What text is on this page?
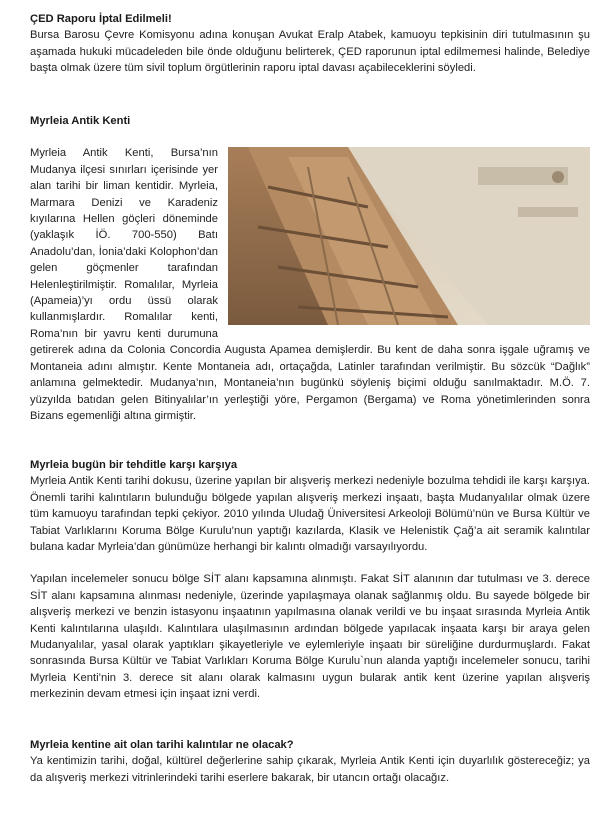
ÇED Raporu İptal Edilmeli!
Bursa Barosu Çevre Komisyonu adına konuşan Avukat Eralp Atabek, kamuoyu tepkisinin diri tutulmasının şu aşamada hukuki mücadeleden bile önde olduğunu belirterek, ÇED raporunun iptal edilmemesi halinde, Belediye başta olmak üzere tüm sivil toplum örgütlerinin raporu iptal davası açabileceklerini söyledi.
Myrleia Antik Kenti
Myrleia Antik Kenti, Bursa’nın Mudanya ilçesi sınırları içerisinde yer alan tarihi bir liman kentidir. Myrleia, Marmara Denizi ve Karadeniz kıyılarına Hellen göçleri döneminde (yaklaşık İÖ. 700-550) Batı Anadolu’dan, İonia’daki Kolophon’dan gelen göçmenler tarafından Helenleştirilmiştir. Romalılar, Myrleia (Apameia)’yı ordu üssü olarak kullanmışlardır. Romalılar kenti, Roma’nın bir yavru kenti durumuna getirerek adına da Colonia Concordia Augusta Apamea demişlerdir. Bu kent de daha sonra işgale uğramış ve Montaneia adını almıştır. Kente Montaneia adı, ortaçağda, Latinler tarafından verilmiştir. Bu sözcük “Dağlık” anlamına gelmektedir. Mudanya’nın, Montaneia’nın bugünkü söyleniş biçimi olduğu sanılmaktadır. M.Ö. 7. yüzyılda batıdan gelen Bitinyalılar’ın yerleştiği yöre, Pergamon (Bergama) ve Roma yönetimlerinden sonra Bizans egemenliği altına girmiştir.
Myrleia bugün bir tehditle karşı karşıya
Myrleia Antik Kenti tarihi dokusu, üzerine yapılan bir alışveriş merkezi nedeniyle bozulma tehdidi ile karşı karşıya. Önemli tarihi kalıntıların bulunduğu bölgede yapılan alışveriş merkezi inşaatı, başta Mudanyalılar olmak üzere tüm kamuoyu tarafından tepki çekiyor. 2010 yılında Uludağ Üniversitesi Arkeoloji Bölümü’nün ve Bursa Kültür ve Tabiat Varlıklarını Koruma Bölge Kurulu’nun yaptığı kazılarda, Klasik ve Helenistik Çağ’a ait seramik kalıntılar bulana kadar Myrleia’dan günümüze herhangi bir kalıntı olmadığı varsayılıyordu.
Yapılan incelemeler sonucu bölge SİT alanı kapsamına alınmıştı. Fakat SİT alanının dar tutulması ve 3. derece SİT alanı kapsamına alınması nedeniyle, üzerinde yapılaşmaya olanak sağlanmış oldu. Bu sayede bölgede bir alışveriş merkezi ve benzin istasyonu inşaatının yapılmasına olanak verildi ve bu inşaat sırasında Myrleia Antik Kenti kalıntılarına ulaşıldı. Kalıntılara ulaşılmasının ardından bölgede yapılacak inşaata karşı bir araya gelen Mudanyalılar, yasal olarak yaptıkları şikayetleriyle ve eylemleriyle inşaatı bir süreliğine durdurmuşlardı. Fakat sonrasında Bursa Kültür ve Tabiat Varlıkları Koruma Bölge Kurulu`nun alanda yaptığı incelemeler sonucu, tarihi Myrleia Kenti’nin 3. derece sit alanı olarak kalmasını uygun bularak antik kent üzerine yapılan alışveriş merkezinin devam etmesi için inşaat izni verdi.
Myrleia kentine ait olan tarihi kalıntılar ne olacak?
Ya kentimizin tarihi, doğal, kültürel değerlerine sahip çıkarak, Myrleia Antik Kenti için duyarlılık göstereceğiz; ya da alışveriş merkezi vitrinlerindeki tarihi eserlere bakarak, bir utancın ortağı olacağız.
